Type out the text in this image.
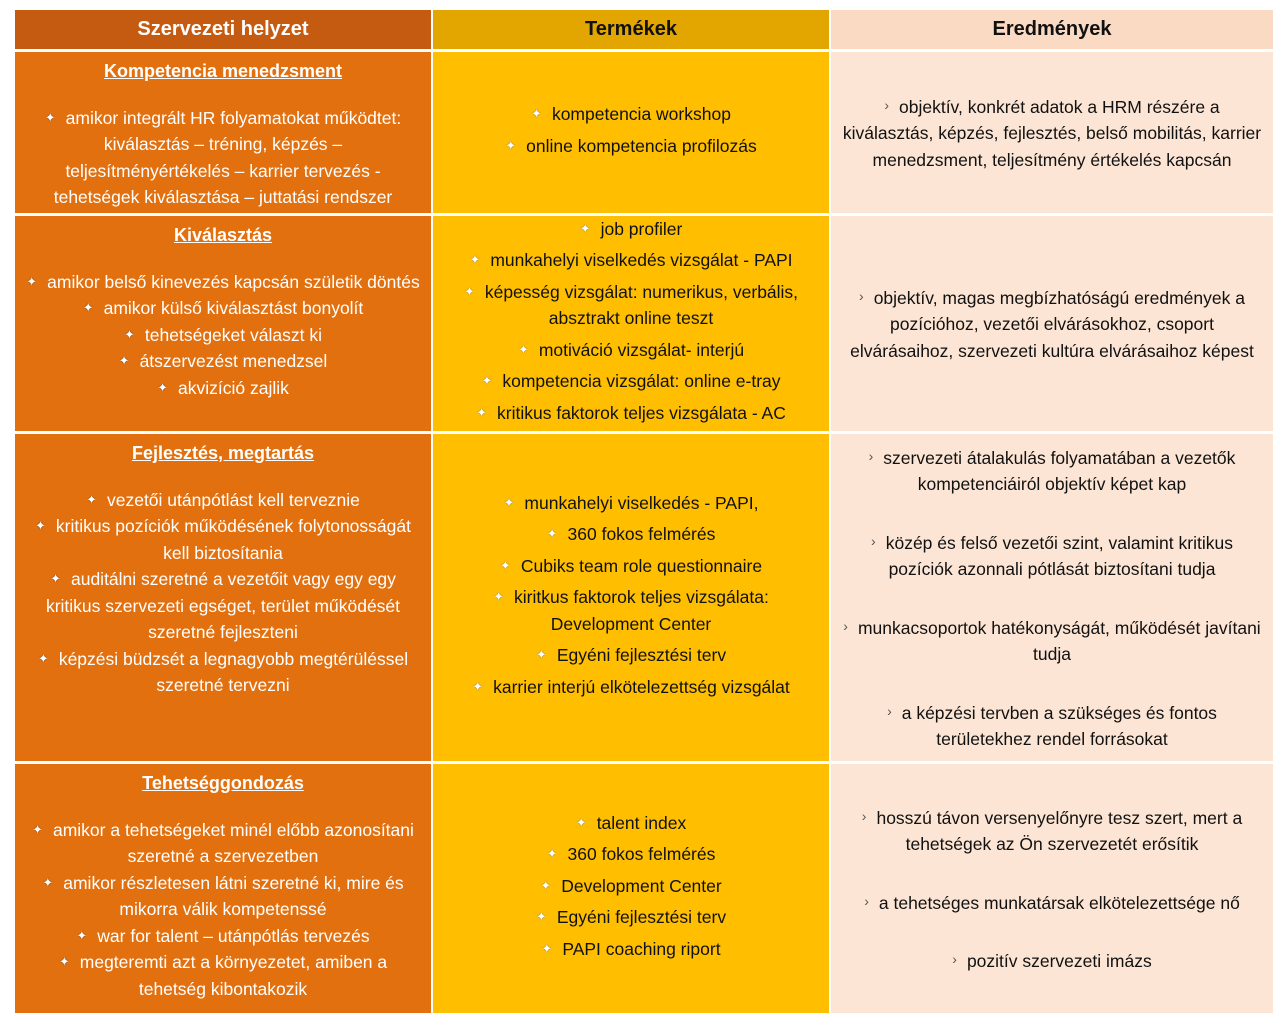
Szervezeti helyzet	Termékek	Eredmények
Kompetencia menedzsment
✦ amikor integrált HR folyamatokat működtet: kiválasztás – tréning, képzés – teljesítményértékelés – karrier tervezés - tehetségek kiválasztása – juttatási rendszer
✦ kompetencia workshop
✦ online kompetencia profilozás
› objektív, konkrét adatok a HRM részére a kiválasztás, képzés, fejlesztés, belső mobilitás, karrier menedzsment, teljesítmény értékelés kapcsán
Kiválasztás
✦ amikor belső kinevezés kapcsán születik döntés
✦ amikor külső kiválasztást bonyolít
✦ tehetségeket választ ki
✦ átszervezést menedzsel
✦ akvizíció zajlik
✦ job profiler
✦ munkahelyi viselkedés vizsgálat - PAPI
✦ képesség vizsgálat: numerikus, verbális, absztrakt online teszt
✦ motiváció vizsgálat- interjú
✦ kompetencia vizsgálat: online e-tray
✦ kritikus faktorok teljes vizsgálata - AC
› objektív, magas megbízhatóságú eredmények a pozícióhoz, vezetői elvárásokhoz, csoport elvárásaihoz, szervezeti kultúra elvárásaihoz képest
Fejlesztés, megtartás
✦ vezetői utánpótlást kell terveznie
✦ kritikus pozíciók működésének folytonosságát kell biztosítania
✦ auditálni szeretné a vezetőit vagy egy egy kritikus szervezeti egséget, terület működését szeretné fejleszteni
✦ képzési büdzsét a legnagyobb megtérüléssel szeretné tervezni
✦ munkahelyi viselkedés - PAPI,
✦ 360 fokos felmérés
✦ Cubiks team role questionnaire
✦ kiritkus faktorok teljes vizsgálata: Development Center
✦ Egyéni fejlesztési terv
✦ karrier interjú elkötelezettség vizsgálat
› szervezeti átalakulás folyamatában a vezetők kompetenciáiról objektív képet kap
› közép és felső vezetői szint, valamint kritikus pozíciók azonnali pótlását biztosítani tudja
› munkacsoportok hatékonyságát, működését javítani tudja
› a képzési tervben a szükséges és fontos területekhez rendel forrásokat
Tehetséggondozás
✦ amikor a tehetségeket minél előbb azonosítani szeretné a szervezetben
✦ amikor részletesen látni szeretné ki, mire és mikorra válik kompetenssé
✦ war for talent – utánpótlás tervezés
✦ megteremti azt a környezetet, amiben a tehetség kibontakozik
✦ talent index
✦ 360 fokos felmérés
✦ Development Center
✦ Egyéni fejlesztési terv
✦ PAPI coaching riport
› hosszú távon versenyelőnyre tesz szert, mert a tehetségek az Ön szervezetét erősítik
› a tehetséges munkatársak elkötelezettsége nő
› pozitív szervezeti imázs
